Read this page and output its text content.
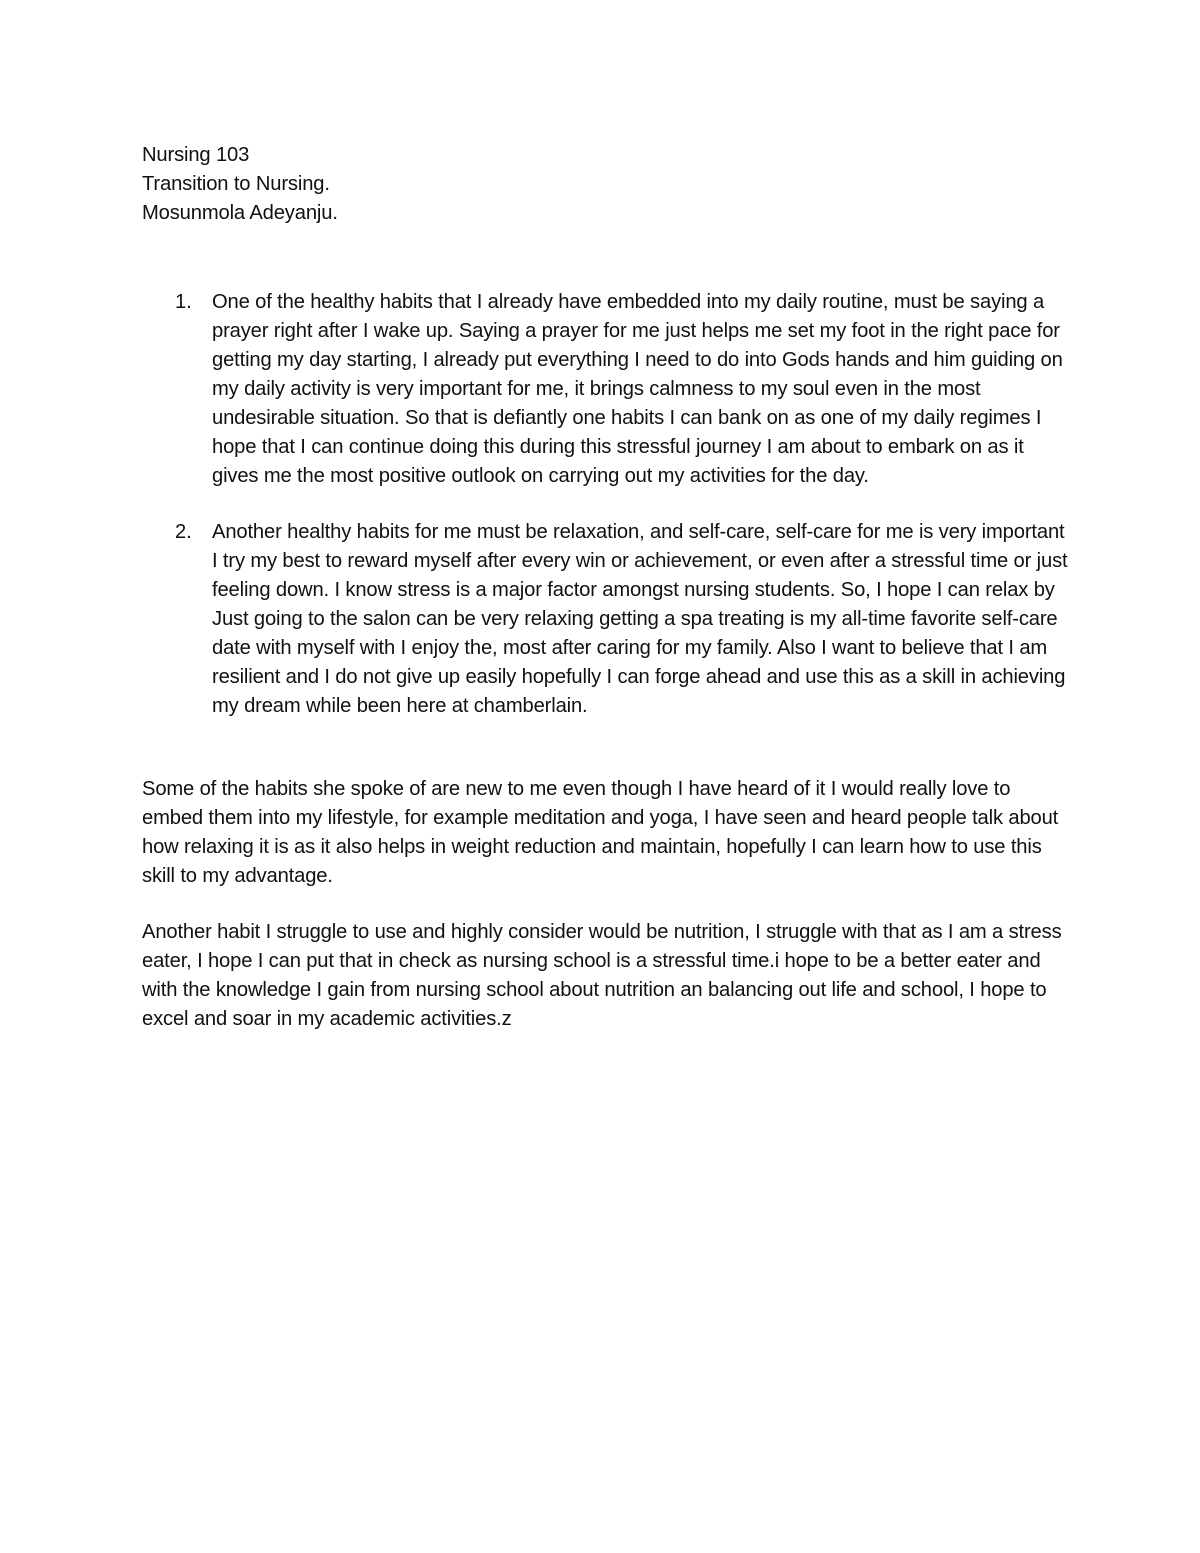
Nursing 103
Transition to Nursing.
Mosunmola Adeyanju.
1. One of the healthy habits that I already have embedded into my daily routine, must be saying a prayer right after I wake up. Saying a prayer for me just helps me set my foot in the right pace for getting my day starting, I already put everything I need to do into Gods hands and him guiding on my daily activity is very important for me, it brings calmness to my soul even in the most undesirable situation. So that is defiantly one habits I can bank on as one of my daily regimes I hope that I can continue doing this during this stressful journey I am about to embark on as it gives me the most positive outlook on carrying out my activities for the day.
2. Another healthy habits for me must be relaxation, and self-care, self-care for me is very important I try my best to reward myself after every win or achievement, or even after a stressful time or just feeling down. I know stress is a major factor amongst nursing students. So, I hope I can relax by Just going to the salon can be very relaxing getting a spa treating is my all-time favorite self-care date with myself with I enjoy the, most after caring for my family. Also I want to believe that I am resilient and I do not give up easily hopefully I can forge ahead and use this as a skill in achieving my dream while been here at chamberlain.

Some of the habits she spoke of are new to me even though I have heard of it I would really love to embed them into my lifestyle, for example meditation and yoga, I have seen and heard people talk about how relaxing it is as it also helps in weight reduction and maintain, hopefully I can learn how to use this skill to my advantage.

Another habit I struggle to use and highly consider would be nutrition, I struggle with that as I am a stress eater, I hope I can put that in check as nursing school is a stressful time.i hope to be a better eater and with the knowledge I gain from nursing school about nutrition an balancing out life and school, I hope to excel and soar in my academic activities.z
